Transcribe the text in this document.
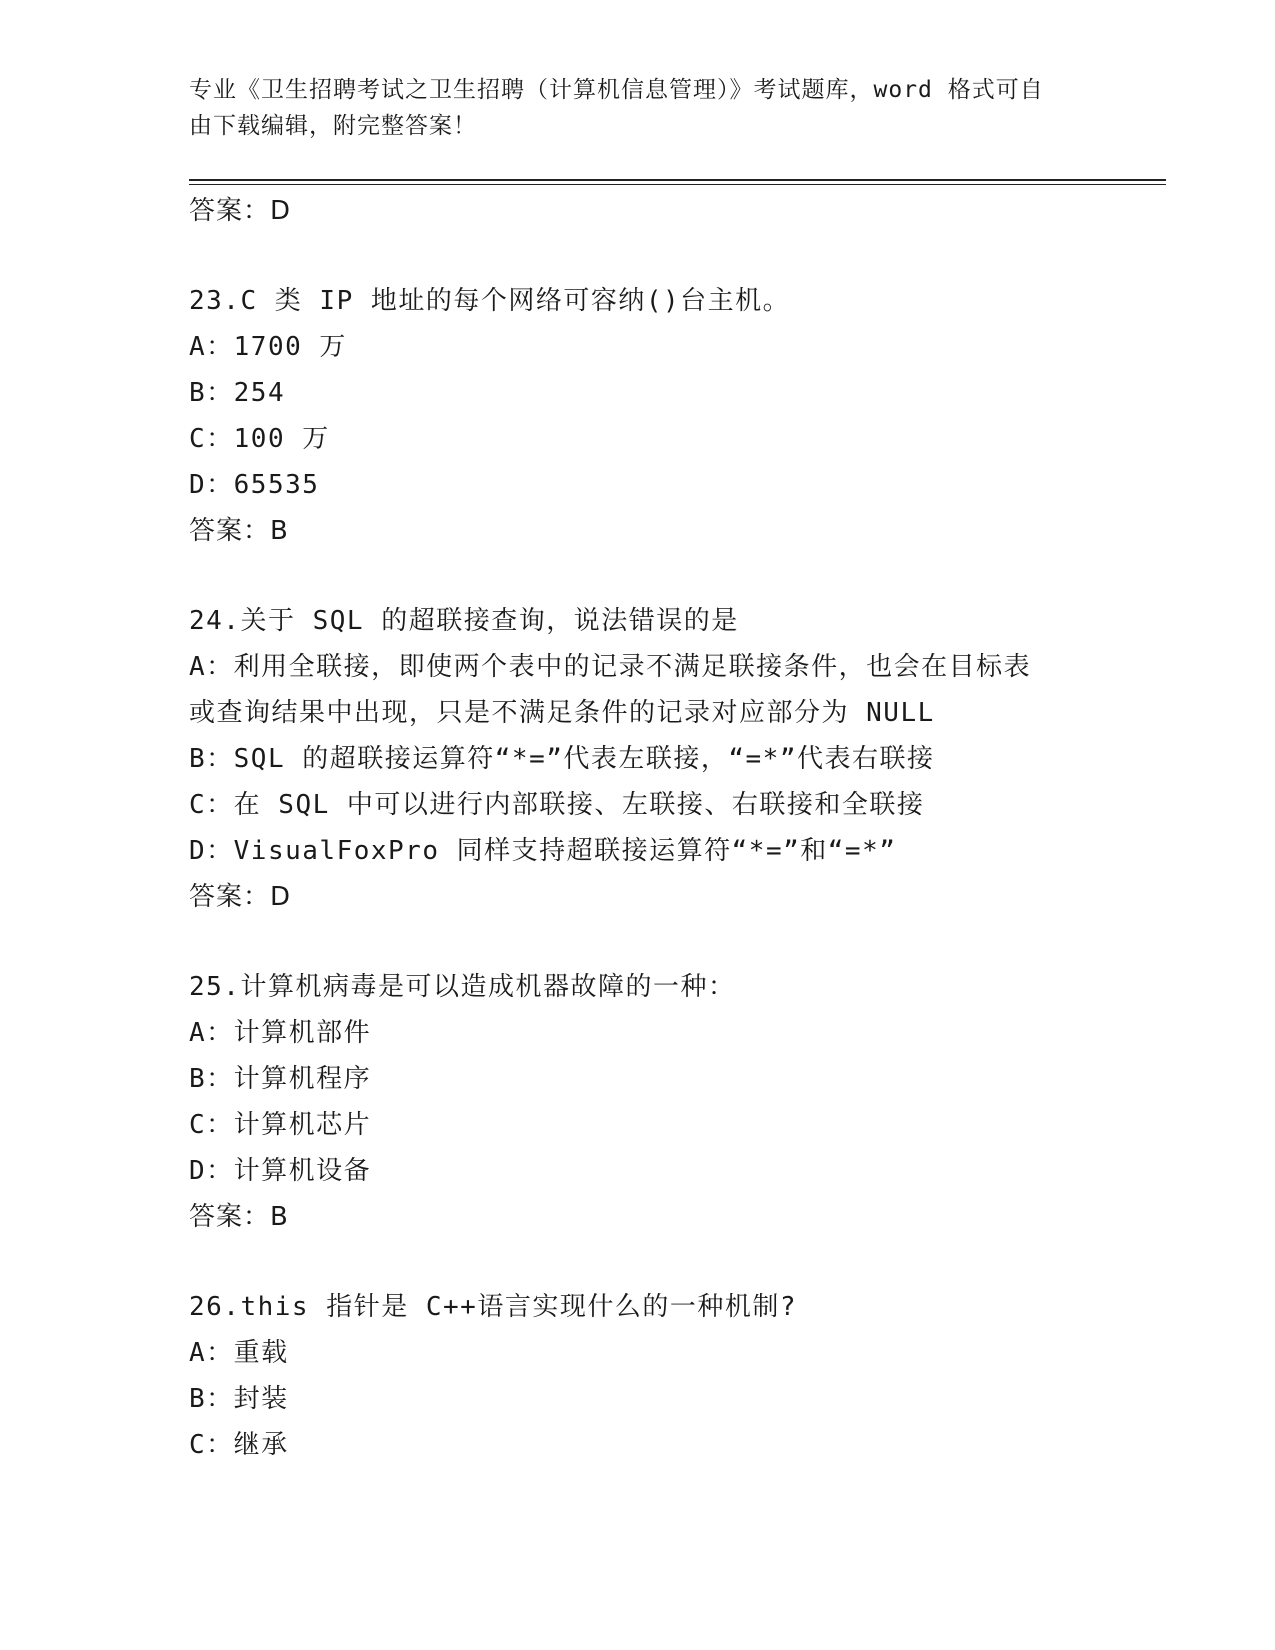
专业《卫生招聘考试之卫生招聘（计算机信息管理）》考试题库，word 格式可自
由下载编辑，附完整答案！
答案：D
23.C 类 IP 地址的每个网络可容纳()台主机。
A：1700 万
B：254
C：100 万
D：65535
答案：B
24.关于 SQL 的超联接查询，说法错误的是
A：利用全联接，即使两个表中的记录不满足联接条件，也会在目标表
或查询结果中出现，只是不满足条件的记录对应部分为 NULL
B：SQL 的超联接运算符“*=”代表左联接，“=*”代表右联接
C：在 SQL 中可以进行内部联接、左联接、右联接和全联接
D：VisualFoxPro 同样支持超联接运算符“*=”和“=*”
答案：D
25.计算机病毒是可以造成机器故障的一种：
A：计算机部件
B：计算机程序
C：计算机芯片
D：计算机设备
答案：B
26.this 指针是 C++语言实现什么的一种机制?
A：重载
B：封装
C：继承
